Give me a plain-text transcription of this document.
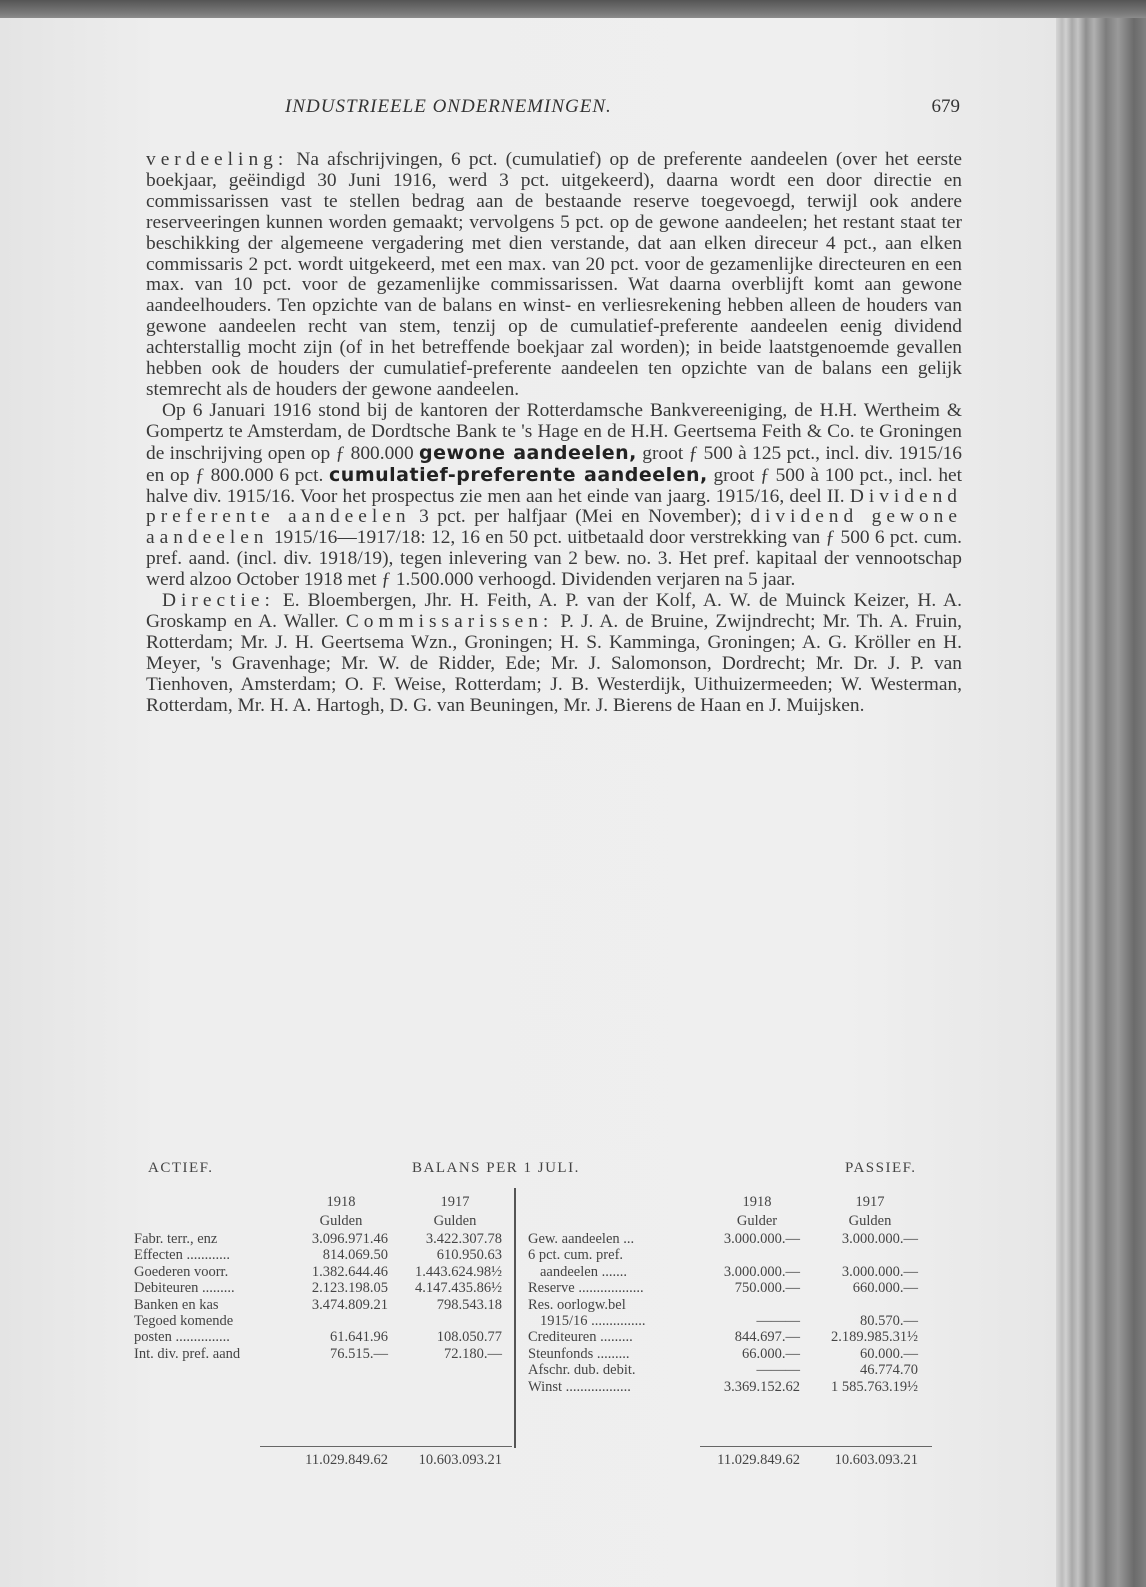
INDUSTRIEELE ONDERNEMINGEN.	679

verdeeling: Na afschrijvingen, 6 pct. (cumulatief) op de preferente aandeelen (over het eerste boekjaar, geëindigd 30 Juni 1916, werd 3 pct. uitgekeerd), daarna wordt een door directie en commissarissen vast te stellen bedrag aan de bestaande reserve toegevoegd, terwijl ook andere reserveeringen kunnen worden gemaakt; vervolgens 5 pct. op de gewone aandeelen; het restant staat ter beschikking der algemeene vergadering met dien verstande, dat aan elken direceur 4 pct., aan elken commissaris 2 pct. wordt uitgekeerd, met een max. van 20 pct. voor de gezamenlijke directeuren en een max. van 10 pct. voor de gezamenlijke commissarissen. Wat daarna overblijft komt aan gewone aandeelhouders. Ten opzichte van de balans en winst- en verliesrekening hebben alleen de houders van gewone aandeelen recht van stem, tenzij op de cumulatief-preferente aandeelen eenig dividend achterstallig mocht zijn (of in het betreffende boekjaar zal worden); in beide laatstgenoemde gevallen hebben ook de houders der cumulatief-preferente aandeelen ten opzichte van de balans een gelijk stemrecht als de houders der gewone aandeelen.

Op 6 Januari 1916 stond bij de kantoren der Rotterdamsche Bankvereeniging, de H.H. Wertheim & Gompertz te Amsterdam, de Dordtsche Bank te 's Hage en de H.H. Geertsema Feith & Co. te Groningen de inschrijving open op ƒ 800.000 gewone aandeelen, groot ƒ 500 à 125 pct., incl. div. 1915/16 en op ƒ 800.000 6 pct. cumulatief-preferente aandeelen, groot ƒ 500 à 100 pct., incl. het halve div. 1915/16. Voor het prospectus zie men aan het einde van jaarg. 1915/16, deel II. Dividend preferente aandeelen 3 pct. per halfjaar (Mei en November); dividend gewone aandeelen 1915/16—1917/18: 12, 16 en 50 pct. uitbetaald door verstrekking van ƒ 500 6 pct. cum. pref. aand. (incl. div. 1918/19), tegen inlevering van 2 bew. no. 3. Het pref. kapitaal der vennootschap werd alzoo October 1918 met ƒ 1.500.000 verhoogd. Dividenden verjaren na 5 jaar.

Directie: E. Bloembergen, Jhr. H. Feith, A. P. van der Kolf, A. W. de Muinck Keizer, H. A. Groskamp en A. Waller. Commissarissen: P. J. A. de Bruine, Zwijndrecht; Mr. Th. A. Fruin, Rotterdam; Mr. J. H. Geertsema Wzn., Groningen; H. S. Kamminga, Groningen; A. G. Kröller en H. Meyer, 's Gravenhage; Mr. W. de Ridder, Ede; Mr. J. Salomonson, Dordrecht; Mr. Dr. J. P. van Tienhoven, Amsterdam; O. F. Weise, Rotterdam; J. B. Westerdijk, Uithuizermeeden; W. Westerman, Rotterdam, Mr. H. A. Hartogh, D. G. van Beuningen, Mr. J. Bierens de Haan en J. Muijsken.

ACTIEF.	BALANS PER 1 JULI.	PASSIEF.
1918	1917
Gulden	Gulden
1918	1917
Gulder	Gulden
Fabr. terr., enz	3.096.971.46	3.422.307.78
Effecten ............	814.069.50	610.950.63
Goederen voorr.	1.382.644.46	1.443.624.98½
Debiteuren .........	2.123.198.05	4.147.435.86½
Banken en kas	3.474.809.21	798.543.18
Tegoed komende
posten ...............	61.641.96	108.050.77
Int. div. pref. aand	76.515.—	72.180.—
Gew. aandeelen ...	3.000.000.—	3.000.000.—
6 pct. cum. pref.
aandeelen .......	3.000.000.—	3.000.000.—
Reserve ..................	750.000.—	660.000.—
Res. oorlogw.bel
1915/16 ...............	———	80.570.—
Crediteuren .........	844.697.—	2.189.985.31½
Steunfonds .........	66.000.—	60.000.—
Afschr. dub. debit.	———	46.774.70
Winst ..................	3.369.152.62	1 585.763.19½
11.029.849.62	10.603.093.21	11.029.849.62	10.603.093.21
